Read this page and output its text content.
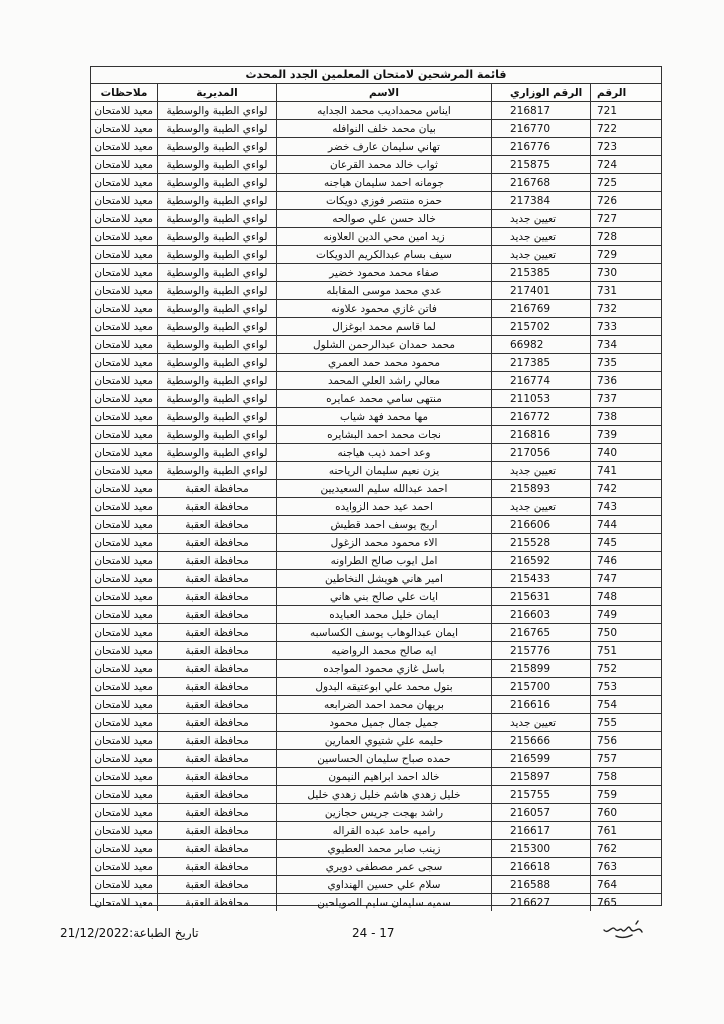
قائمة المرشحين لامتحان المعلمين الجدد المحدث
الرقم	الرقم الوزاري	الاسم	المديرية	ملاحظات
721	216817	ايناس محمداديب محمد الجدايه	لواءي الطيبة والوسطية	معيد للامتحان
722	216770	بيان محمد خلف النوافله	لواءي الطيبة والوسطية	معيد للامتحان
723	216776	تهاني سليمان عارف خضر	لواءي الطيبة والوسطية	معيد للامتحان
724	215875	ثواب خالد محمد القرعان	لواءي الطيبة والوسطية	معيد للامتحان
725	216768	جومانه احمد سليمان هياجنه	لواءي الطيبة والوسطية	معيد للامتحان
726	217384	حمزه منتصر فوزي دويكات	لواءي الطيبة والوسطية	معيد للامتحان
727	تعيين جديد	خالد حسن علي صوالحه	لواءي الطيبة والوسطية	معيد للامتحان
728	تعيين جديد	زيد امين محي الدين العلاونه	لواءي الطيبة والوسطية	معيد للامتحان
729	تعيين جديد	سيف بسام عبدالكريم الدويكات	لواءي الطيبة والوسطية	معيد للامتحان
730	215385	صفاء محمد محمود خضير	لواءي الطيبة والوسطية	معيد للامتحان
731	217401	عدي محمد موسى المقابله	لواءي الطيبة والوسطية	معيد للامتحان
732	216769	فاتن غازي محمود علاونه	لواءي الطيبة والوسطية	معيد للامتحان
733	215702	لما قاسم محمد ابوغزال	لواءي الطيبة والوسطية	معيد للامتحان
734	66982	محمد حمدان عبدالرحمن الشلول	لواءي الطيبة والوسطية	معيد للامتحان
735	217385	محمود محمد حمد العمري	لواءي الطيبة والوسطية	معيد للامتحان
736	216774	معالي راشد العلي المحمد	لواءي الطيبة والوسطية	معيد للامتحان
737	211053	منتهى سامي محمد عمايره	لواءي الطيبة والوسطية	معيد للامتحان
738	216772	مها محمد فهد شياب	لواءي الطيبة والوسطية	معيد للامتحان
739	216816	نجات محمد احمد البشايره	لواءي الطيبة والوسطية	معيد للامتحان
740	217056	وعد احمد ذيب هياجنه	لواءي الطيبة والوسطية	معيد للامتحان
741	تعيين جديد	يزن نعيم سليمان الرياحنه	لواءي الطيبة والوسطية	معيد للامتحان
742	215893	احمد عبدالله سليم السعيديين	محافظة العقبة	معيد للامتحان
743	تعيين جديد	احمد عيد حمد الزوايده	محافظة العقبة	معيد للامتحان
744	216606	اريج يوسف احمد قطيش	محافظة العقبة	معيد للامتحان
745	215528	الاء محمود محمد الزغول	محافظة العقبة	معيد للامتحان
746	216592	امل ايوب صالح الطراونه	محافظة العقبة	معيد للامتحان
747	215433	امير هاني هويشل النخاطين	محافظة العقبة	معيد للامتحان
748	215631	ايات علي صالح بني هاني	محافظة العقبة	معيد للامتحان
749	216603	ايمان خليل محمد العبايده	محافظة العقبة	معيد للامتحان
750	216765	ايمان عبدالوهاب يوسف الكساسبه	محافظة العقبة	معيد للامتحان
751	215776	ايه صالح محمد الرواضيه	محافظة العقبة	معيد للامتحان
752	215899	باسل غازي محمود المواجده	محافظة العقبة	معيد للامتحان
753	215700	بتول محمد علي ابوعتيقه البدول	محافظة العقبة	معيد للامتحان
754	216616	بريهان محمد احمد الضرابعه	محافظة العقبة	معيد للامتحان
755	تعيين جديد	جميل جمال جميل محمود	محافظة العقبة	معيد للامتحان
756	215666	حليمه علي شتيوي العمارين	محافظة العقبة	معيد للامتحان
757	216599	حمده صباح سليمان الحساسين	محافظة العقبة	معيد للامتحان
758	215897	خالد احمد ابراهيم النيمون	محافظة العقبة	معيد للامتحان
759	215755	خليل زهدي هاشم خليل زهدي خليل	محافظة العقبة	معيد للامتحان
760	216057	راشد بهجت جريس حجازين	محافظة العقبة	معيد للامتحان
761	216617	راميه حامد عبده القراله	محافظة العقبة	معيد للامتحان
762	215300	زينب صابر محمد العطيوي	محافظة العقبة	معيد للامتحان
763	216618	سجى عمر مصطفى دويري	محافظة العقبة	معيد للامتحان
764	216588	سلام علي حسين الهنداوي	محافظة العقبة	معيد للامتحان
765	216627	سميه سليمان سليم الصويلحين	محافظة العقبة	معيد للامتحان
24 - 17
تاريخ الطباعة:21/12/2022
